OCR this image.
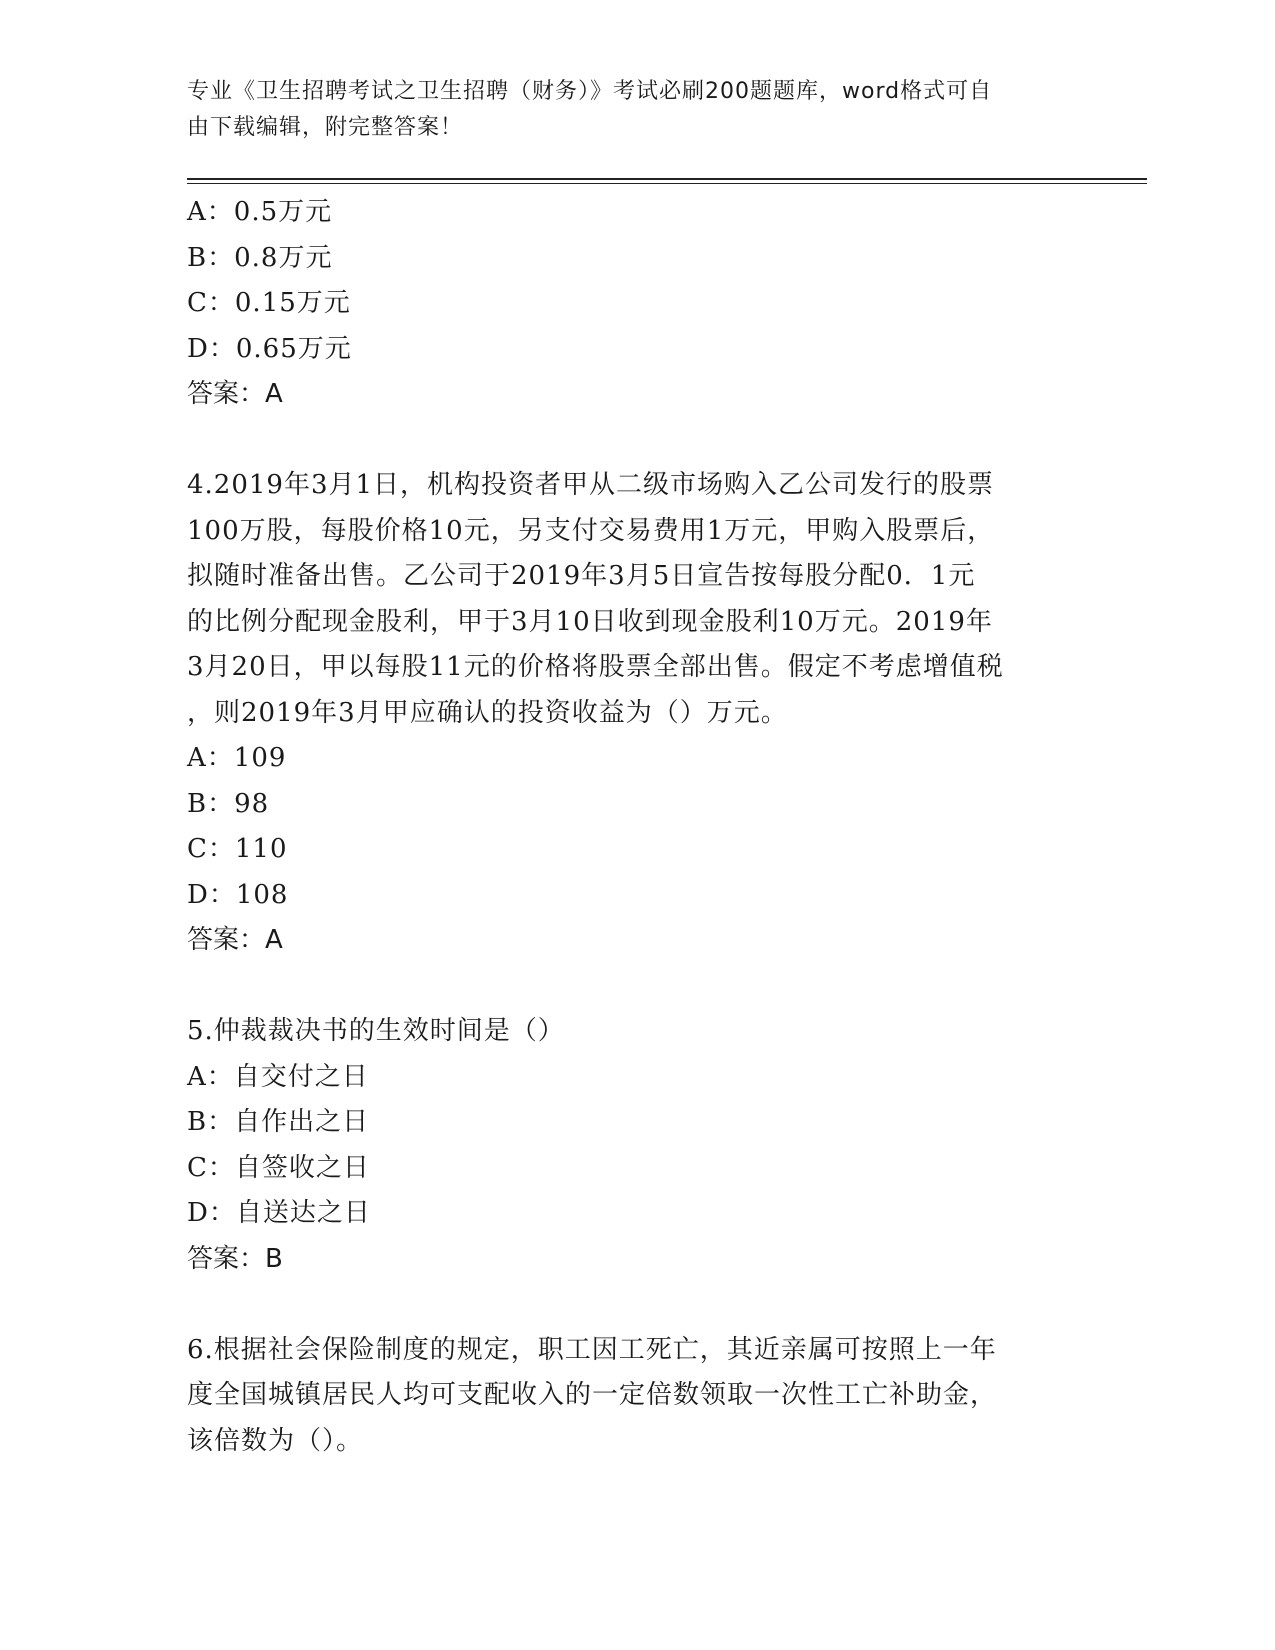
专业《卫生招聘考试之卫生招聘（财务）》考试必刷200题题库，word格式可自
由下载编辑，附完整答案！
A：0.5万元
B：0.8万元
C：0.15万元
D：0.65万元
答案：A
4.2019年3月1日，机构投资者甲从二级市场购入乙公司发行的股票
100万股，每股价格10元，另支付交易费用1万元，甲购入股票后，
拟随时准备出售。乙公司于2019年3月5日宣告按每股分配0．1元
的比例分配现金股利，甲于3月10日收到现金股利10万元。2019年
3月20日，甲以每股11元的价格将股票全部出售。假定不考虑增值税
，则2019年3月甲应确认的投资收益为（）万元。
A：109
B：98
C：110
D：108
答案：A
5.仲裁裁决书的生效时间是（）
A：自交付之日
B：自作出之日
C：自签收之日
D：自送达之日
答案：B
6.根据社会保险制度的规定，职工因工死亡，其近亲属可按照上一年
度全国城镇居民人均可支配收入的一定倍数领取一次性工亡补助金，
该倍数为（）。
